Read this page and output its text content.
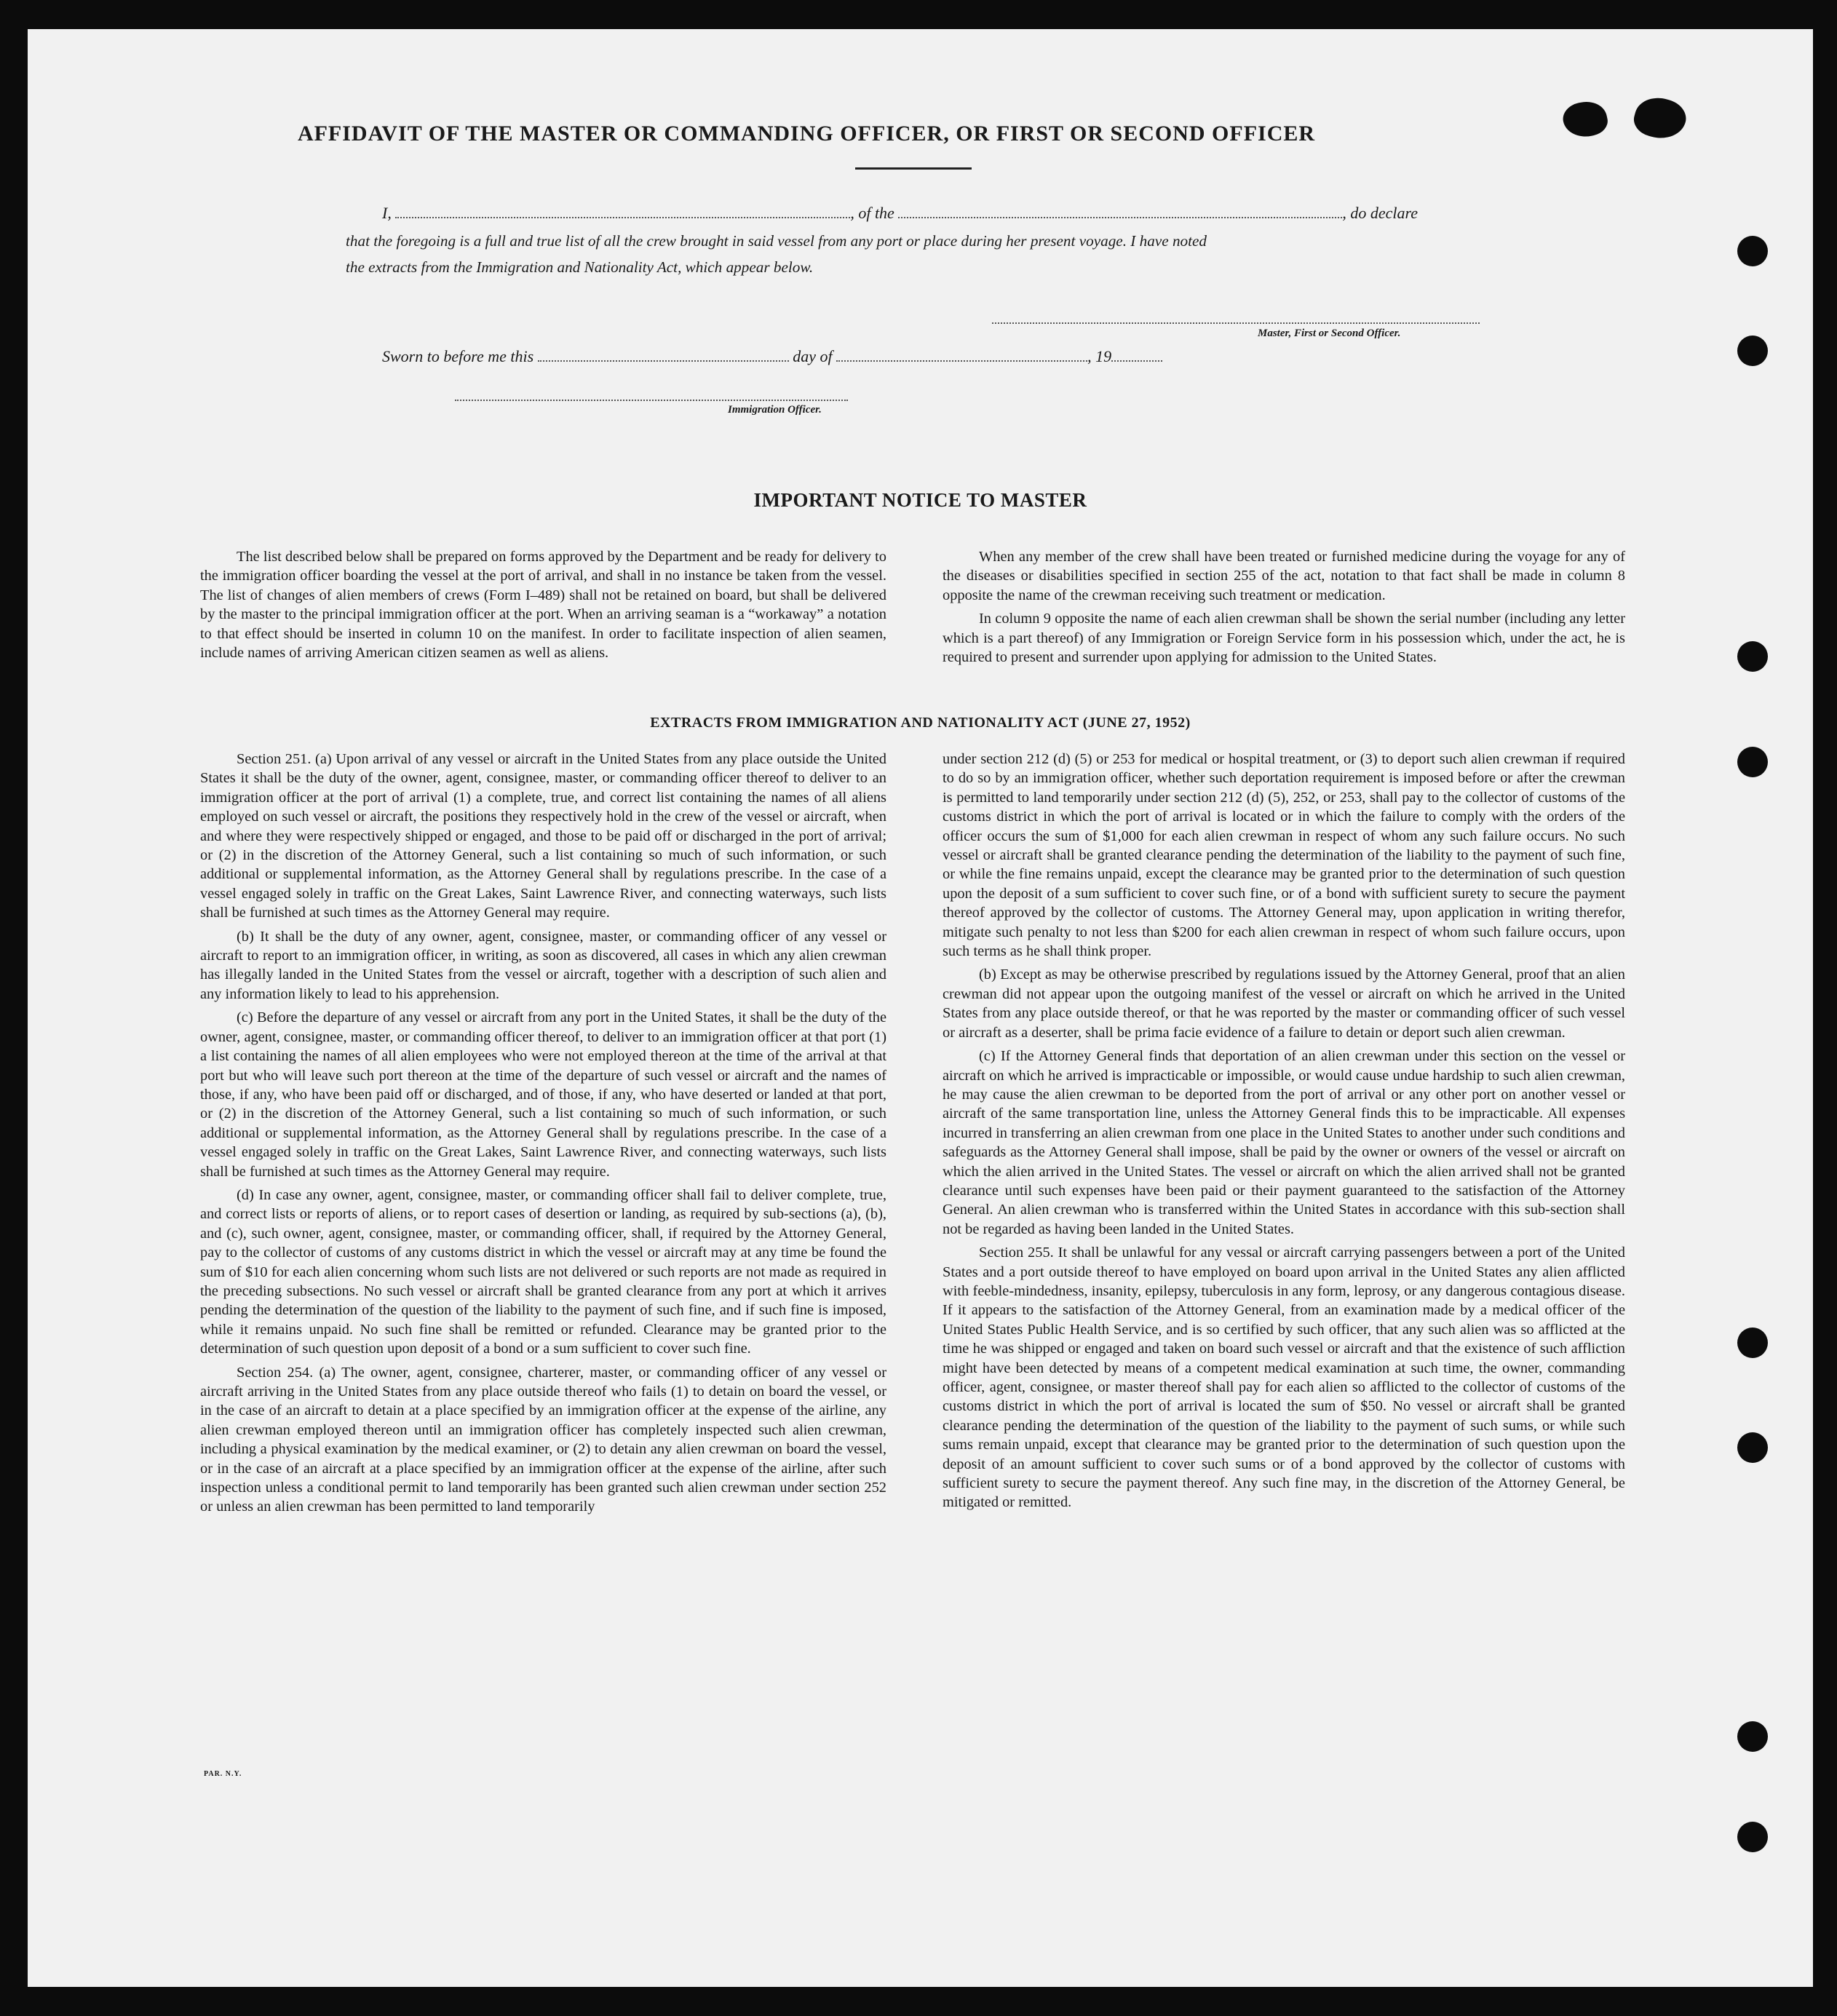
AFFIDAVIT OF THE MASTER OR COMMANDING OFFICER, OR FIRST OR SECOND OFFICER
I,	, of the	, do declare
that the foregoing is a full and true list of all the crew brought in said vessel from any port or place during her present voyage. I have noted
the extracts from the Immigration and Nationality Act, which appear below.
Master, First or Second Officer.
Sworn to before me this	day of	, 19
Immigration Officer.
IMPORTANT NOTICE TO MASTER

The list described below shall be prepared on forms approved by the Department and be ready for delivery to the immigration officer boarding the vessel at the port of arrival, and shall in no instance be taken from the vessel. The list of changes of alien members of crews (Form I–489) shall not be retained on board, but shall be delivered by the master to the principal immigration officer at the port. When an arriving seaman is a “workaway” a notation to that effect should be inserted in column 10 on the manifest. In order to facilitate inspection of alien seamen, include names of arriving American citizen seamen as well as aliens.

When any member of the crew shall have been treated or furnished medicine during the voyage for any of the diseases or disabilities specified in section 255 of the act, notation to that fact shall be made in column 8 opposite the name of the crewman receiving such treatment or medication.

In column 9 opposite the name of each alien crewman shall be shown the serial number (including any letter which is a part thereof) of any Immigration or Foreign Service form in his possession which, under the act, he is required to present and surrender upon applying for admission to the United States.

EXTRACTS FROM IMMIGRATION AND NATIONALITY ACT (JUNE 27, 1952)

Section 251. (a) Upon arrival of any vessel or aircraft in the United States from any place outside the United States it shall be the duty of the owner, agent, consignee, master, or commanding officer thereof to deliver to an immigration officer at the port of arrival (1) a complete, true, and correct list containing the names of all aliens employed on such vessel or aircraft, the positions they respectively hold in the crew of the vessel or aircraft, when and where they were respectively shipped or engaged, and those to be paid off or discharged in the port of arrival; or (2) in the discretion of the Attorney General, such a list containing so much of such information, or such additional or supplemental information, as the Attorney General shall by regulations prescribe. In the case of a vessel engaged solely in traffic on the Great Lakes, Saint Lawrence River, and connecting waterways, such lists shall be furnished at such times as the Attorney General may require.

(b) It shall be the duty of any owner, agent, consignee, master, or commanding officer of any vessel or aircraft to report to an immigration officer, in writing, as soon as discovered, all cases in which any alien crewman has illegally landed in the United States from the vessel or aircraft, together with a description of such alien and any information likely to lead to his apprehension.

(c) Before the departure of any vessel or aircraft from any port in the United States, it shall be the duty of the owner, agent, consignee, master, or commanding officer thereof, to deliver to an immigration officer at that port (1) a list containing the names of all alien employees who were not employed thereon at the time of the arrival at that port but who will leave such port thereon at the time of the departure of such vessel or aircraft and the names of those, if any, who have been paid off or discharged, and of those, if any, who have deserted or landed at that port, or (2) in the discretion of the Attorney General, such a list containing so much of such information, or such additional or supplemental information, as the Attorney General shall by regulations prescribe. In the case of a vessel engaged solely in traffic on the Great Lakes, Saint Lawrence River, and connecting waterways, such lists shall be furnished at such times as the Attorney General may require.

(d) In case any owner, agent, consignee, master, or commanding officer shall fail to deliver complete, true, and correct lists or reports of aliens, or to report cases of desertion or landing, as required by sub-sections (a), (b), and (c), such owner, agent, consignee, master, or commanding officer, shall, if required by the Attorney General, pay to the collector of customs of any customs district in which the vessel or aircraft may at any time be found the sum of $10 for each alien concerning whom such lists are not delivered or such reports are not made as required in the preceding subsections. No such vessel or aircraft shall be granted clearance from any port at which it arrives pending the determination of the question of the liability to the payment of such fine, and if such fine is imposed, while it remains unpaid. No such fine shall be remitted or refunded. Clearance may be granted prior to the determination of such question upon deposit of a bond or a sum sufficient to cover such fine.

Section 254. (a) The owner, agent, consignee, charterer, master, or commanding officer of any vessel or aircraft arriving in the United States from any place outside thereof who fails (1) to detain on board the vessel, or in the case of an aircraft to detain at a place specified by an immigration officer at the expense of the airline, any alien crewman employed thereon until an immigration officer has completely inspected such alien crewman, including a physical examination by the medical examiner, or (2) to detain any alien crewman on board the vessel, or in the case of an aircraft at a place specified by an immigration officer at the expense of the airline, after such inspection unless a conditional permit to land temporarily has been granted such alien crewman under section 252 or unless an alien crewman has been permitted to land temporarily

under section 212 (d) (5) or 253 for medical or hospital treatment, or (3) to deport such alien crewman if required to do so by an immigration officer, whether such deportation requirement is imposed before or after the crewman is permitted to land temporarily under section 212 (d) (5), 252, or 253, shall pay to the collector of customs of the customs district in which the port of arrival is located or in which the failure to comply with the orders of the officer occurs the sum of $1,000 for each alien crewman in respect of whom any such failure occurs. No such vessel or aircraft shall be granted clearance pending the determination of the liability to the payment of such fine, or while the fine remains unpaid, except the clearance may be granted prior to the determination of such question upon the deposit of a sum sufficient to cover such fine, or of a bond with sufficient surety to secure the payment thereof approved by the collector of customs. The Attorney General may, upon application in writing therefor, mitigate such penalty to not less than $200 for each alien crewman in respect of whom such failure occurs, upon such terms as he shall think proper.

(b) Except as may be otherwise prescribed by regulations issued by the Attorney General, proof that an alien crewman did not appear upon the outgoing manifest of the vessel or aircraft on which he arrived in the United States from any place outside thereof, or that he was reported by the master or commanding officer of such vessel or aircraft as a deserter, shall be prima facie evidence of a failure to detain or deport such alien crewman.

(c) If the Attorney General finds that deportation of an alien crewman under this section on the vessel or aircraft on which he arrived is impracticable or impossible, or would cause undue hardship to such alien crewman, he may cause the alien crewman to be deported from the port of arrival or any other port on another vessel or aircraft of the same transportation line, unless the Attorney General finds this to be impracticable. All expenses incurred in transferring an alien crewman from one place in the United States to another under such conditions and safeguards as the Attorney General shall impose, shall be paid by the owner or owners of the vessel or aircraft on which the alien arrived in the United States. The vessel or aircraft on which the alien arrived shall not be granted clearance until such expenses have been paid or their payment guaranteed to the satisfaction of the Attorney General. An alien crewman who is transferred within the United States in accordance with this sub-section shall not be regarded as having been landed in the United States.

Section 255. It shall be unlawful for any vessal or aircraft carrying passengers between a port of the United States and a port outside thereof to have employed on board upon arrival in the United States any alien afflicted with feeble-mindedness, insanity, epilepsy, tuberculosis in any form, leprosy, or any dangerous contagious disease. If it appears to the satisfaction of the Attorney General, from an examination made by a medical officer of the United States Public Health Service, and is so certified by such officer, that any such alien was so afflicted at the time he was shipped or engaged and taken on board such vessel or aircraft and that the existence of such affliction might have been detected by means of a competent medical examination at such time, the owner, commanding officer, agent, consignee, or master thereof shall pay for each alien so afflicted to the collector of customs of the customs district in which the port of arrival is located the sum of $50. No vessel or aircraft shall be granted clearance pending the determination of the question of the liability to the payment of such sums, or while such sums remain unpaid, except that clearance may be granted prior to the determination of such question upon the deposit of an amount sufficient to cover such sums or of a bond approved by the collector of customs with sufficient surety to secure the payment thereof. Any such fine may, in the discretion of the Attorney General, be mitigated or remitted.

PAR. N.Y.
